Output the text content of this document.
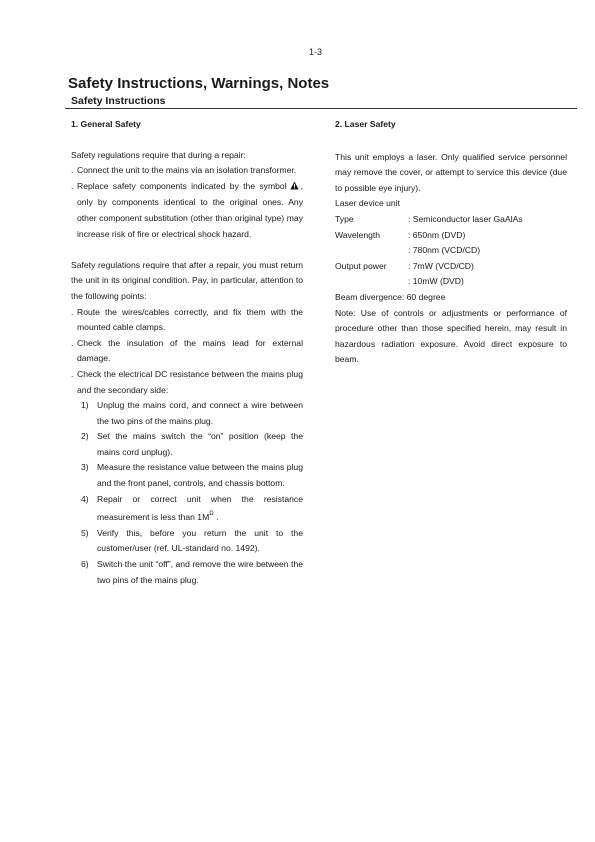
1-3
Safety Instructions, Warnings, Notes
Safety Instructions
1. General Safety
Safety regulations require that during a repair:
. Connect the unit to the mains via an isolation transformer.
. Replace safety components indicated by the symbol , only by components identical to the original ones. Any other component substitution (other than original type) may increase risk of fire or electrical shock hazard.
Safety regulations require that after a repair, you must return the unit in its original condition. Pay, in particular, attention to the following points:
. Route the wires/cables correctly, and fix them with the mounted cable clamps.
. Check the insulation of the mains lead for external damage.
. Check the electrical DC resistance between the mains plug and the secondary side:
1) Unplug the mains cord, and connect a wire between the two pins of the mains plug.
2) Set the mains switch the “on” position (keep the mains cord unplug).
3) Measure the resistance value between the mains plug and the front panel, controls, and chassis bottom.
4) Repair or correct unit when the resistance measurement is less than $1M^\Omega$ .
5) Verify this, before you return the unit to the customer/user (ref. UL-standard no. 1492).
6) Switch the unit “off”, and remove the wire between the two pins of the mains plug.
2. Laser Safety
This unit employs a laser. Only qualified service personnel may remove the cover, or attempt to service this device (due to possible eye injury).
Laser device unit
Type	: Semiconductor laser GaAlAs
Wavelength	: 650nm (DVD)
: 780nm (VCD/CD)
Output power	: 7mW (VCD/CD)
: 10mW (DVD)
Beam divergence: 60 degree
Note: Use of controls or adjustments or performance of procedure other than those specified herein, may result in hazardous radiation exposure. Avoid direct exposure to beam.
